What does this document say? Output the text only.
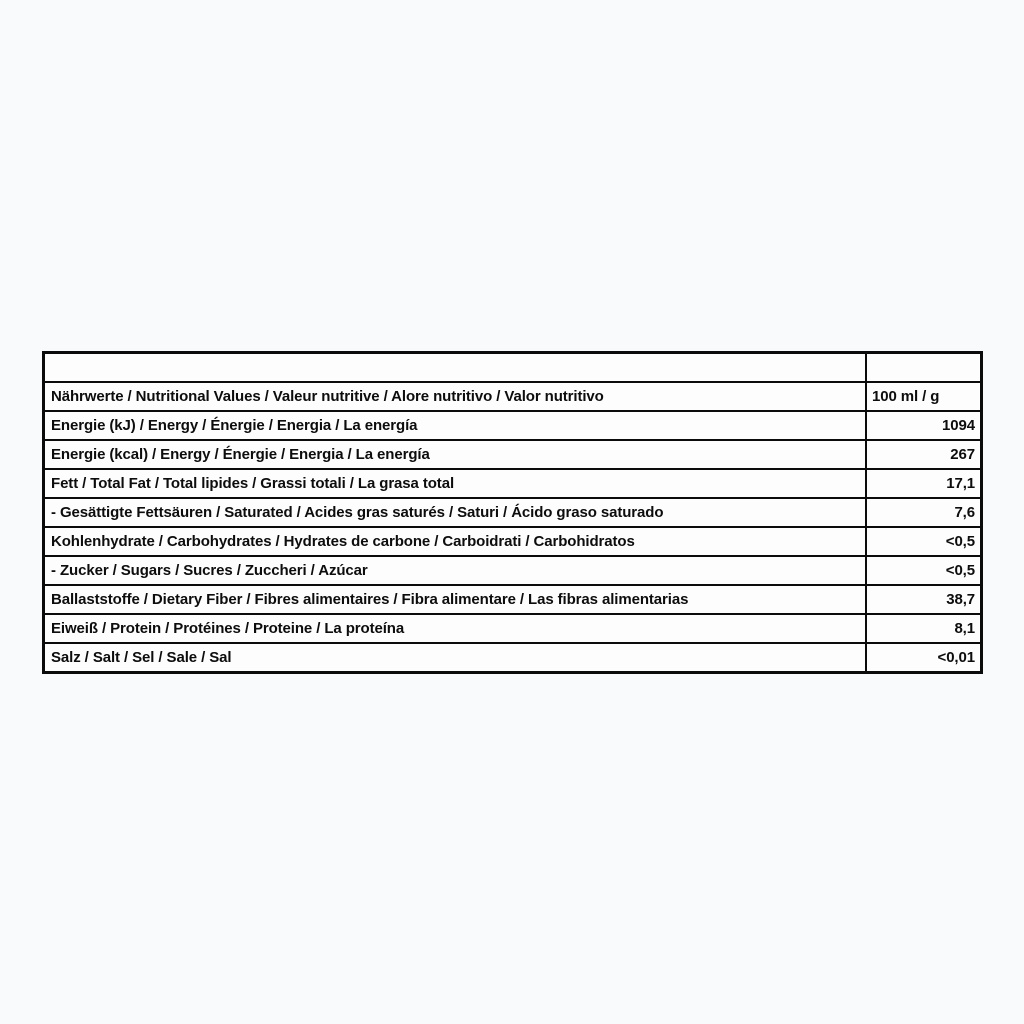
Nährwerte / Nutritional Values / Valeur nutritive / Alore nutritivo / Valor nutritivo	100 ml / g
Energie (kJ) / Energy / Énergie / Energia / La energía	1094
Energie (kcal) / Energy / Énergie / Energia / La energía	267
Fett / Total Fat / Total lipides / Grassi totali / La grasa total	17,1
- Gesättigte Fettsäuren / Saturated / Acides gras saturés / Saturi / Ácido graso saturado	7,6
Kohlenhydrate / Carbohydrates / Hydrates de carbone / Carboidrati / Carbohidratos	<0,5
- Zucker / Sugars / Sucres / Zuccheri / Azúcar	<0,5
Ballaststoffe / Dietary Fiber / Fibres alimentaires / Fibra alimentare / Las fibras alimentarias	38,7
Eiweiß / Protein / Protéines / Proteine / La proteína	8,1
Salz / Salt / Sel / Sale / Sal	<0,01
